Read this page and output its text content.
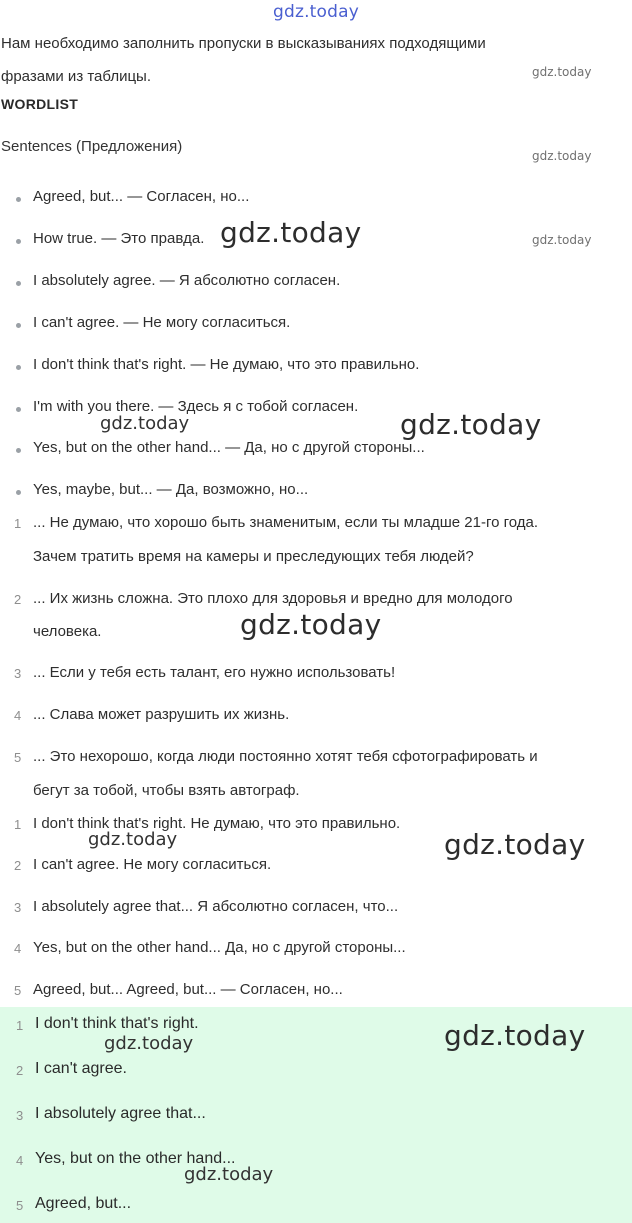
gdz.today
Нам необходимо заполнить пропуски в высказываниях подходящими
фразами из таблицы.
WORDLIST
Sentences (Предложения)
Agreed, but... — Согласен, но...
How true. — Это правда.
I absolutely agree. — Я абсолютно согласен.
I can't agree. — Не могу согласиться.
I don't think that's right. — Не думаю, что это правильно.
I'm with you there. — Здесь я с тобой согласен.
Yes, but on the other hand... — Да, но с другой стороны...
Yes, maybe, but... — Да, возможно, но...
1 ... Не думаю, что хорошо быть знаменитым, если ты младше 21-го года.
Зачем тратить время на камеры и преследующих тебя людей?
2 ... Их жизнь сложна. Это плохо для здоровья и вредно для молодого
человека.
3 ... Если у тебя есть талант, его нужно использовать!
4 ... Слава может разрушить их жизнь.
5 ... Это нехорошо, когда люди постоянно хотят тебя сфотографировать и
бегут за тобой, чтобы взять автограф.
1 I don't think that's right. Не думаю, что это правильно.
2 I can't agree. Не могу согласиться.
3 I absolutely agree that... Я абсолютно согласен, что...
4 Yes, but on the other hand... Да, но с другой стороны...
5 Agreed, but... Agreed, but... — Согласен, но...
1 I don't think that's right.
2 I can't agree.
3 I absolutely agree that...
4 Yes, but on the other hand...
5 Agreed, but...
gdz.today
gdz.today
gdz.today
gdz.today
gdz.today	gdz.today
gdz.today
gdz.today	gdz.today
gdz.today
gdz.today
gdz.today
